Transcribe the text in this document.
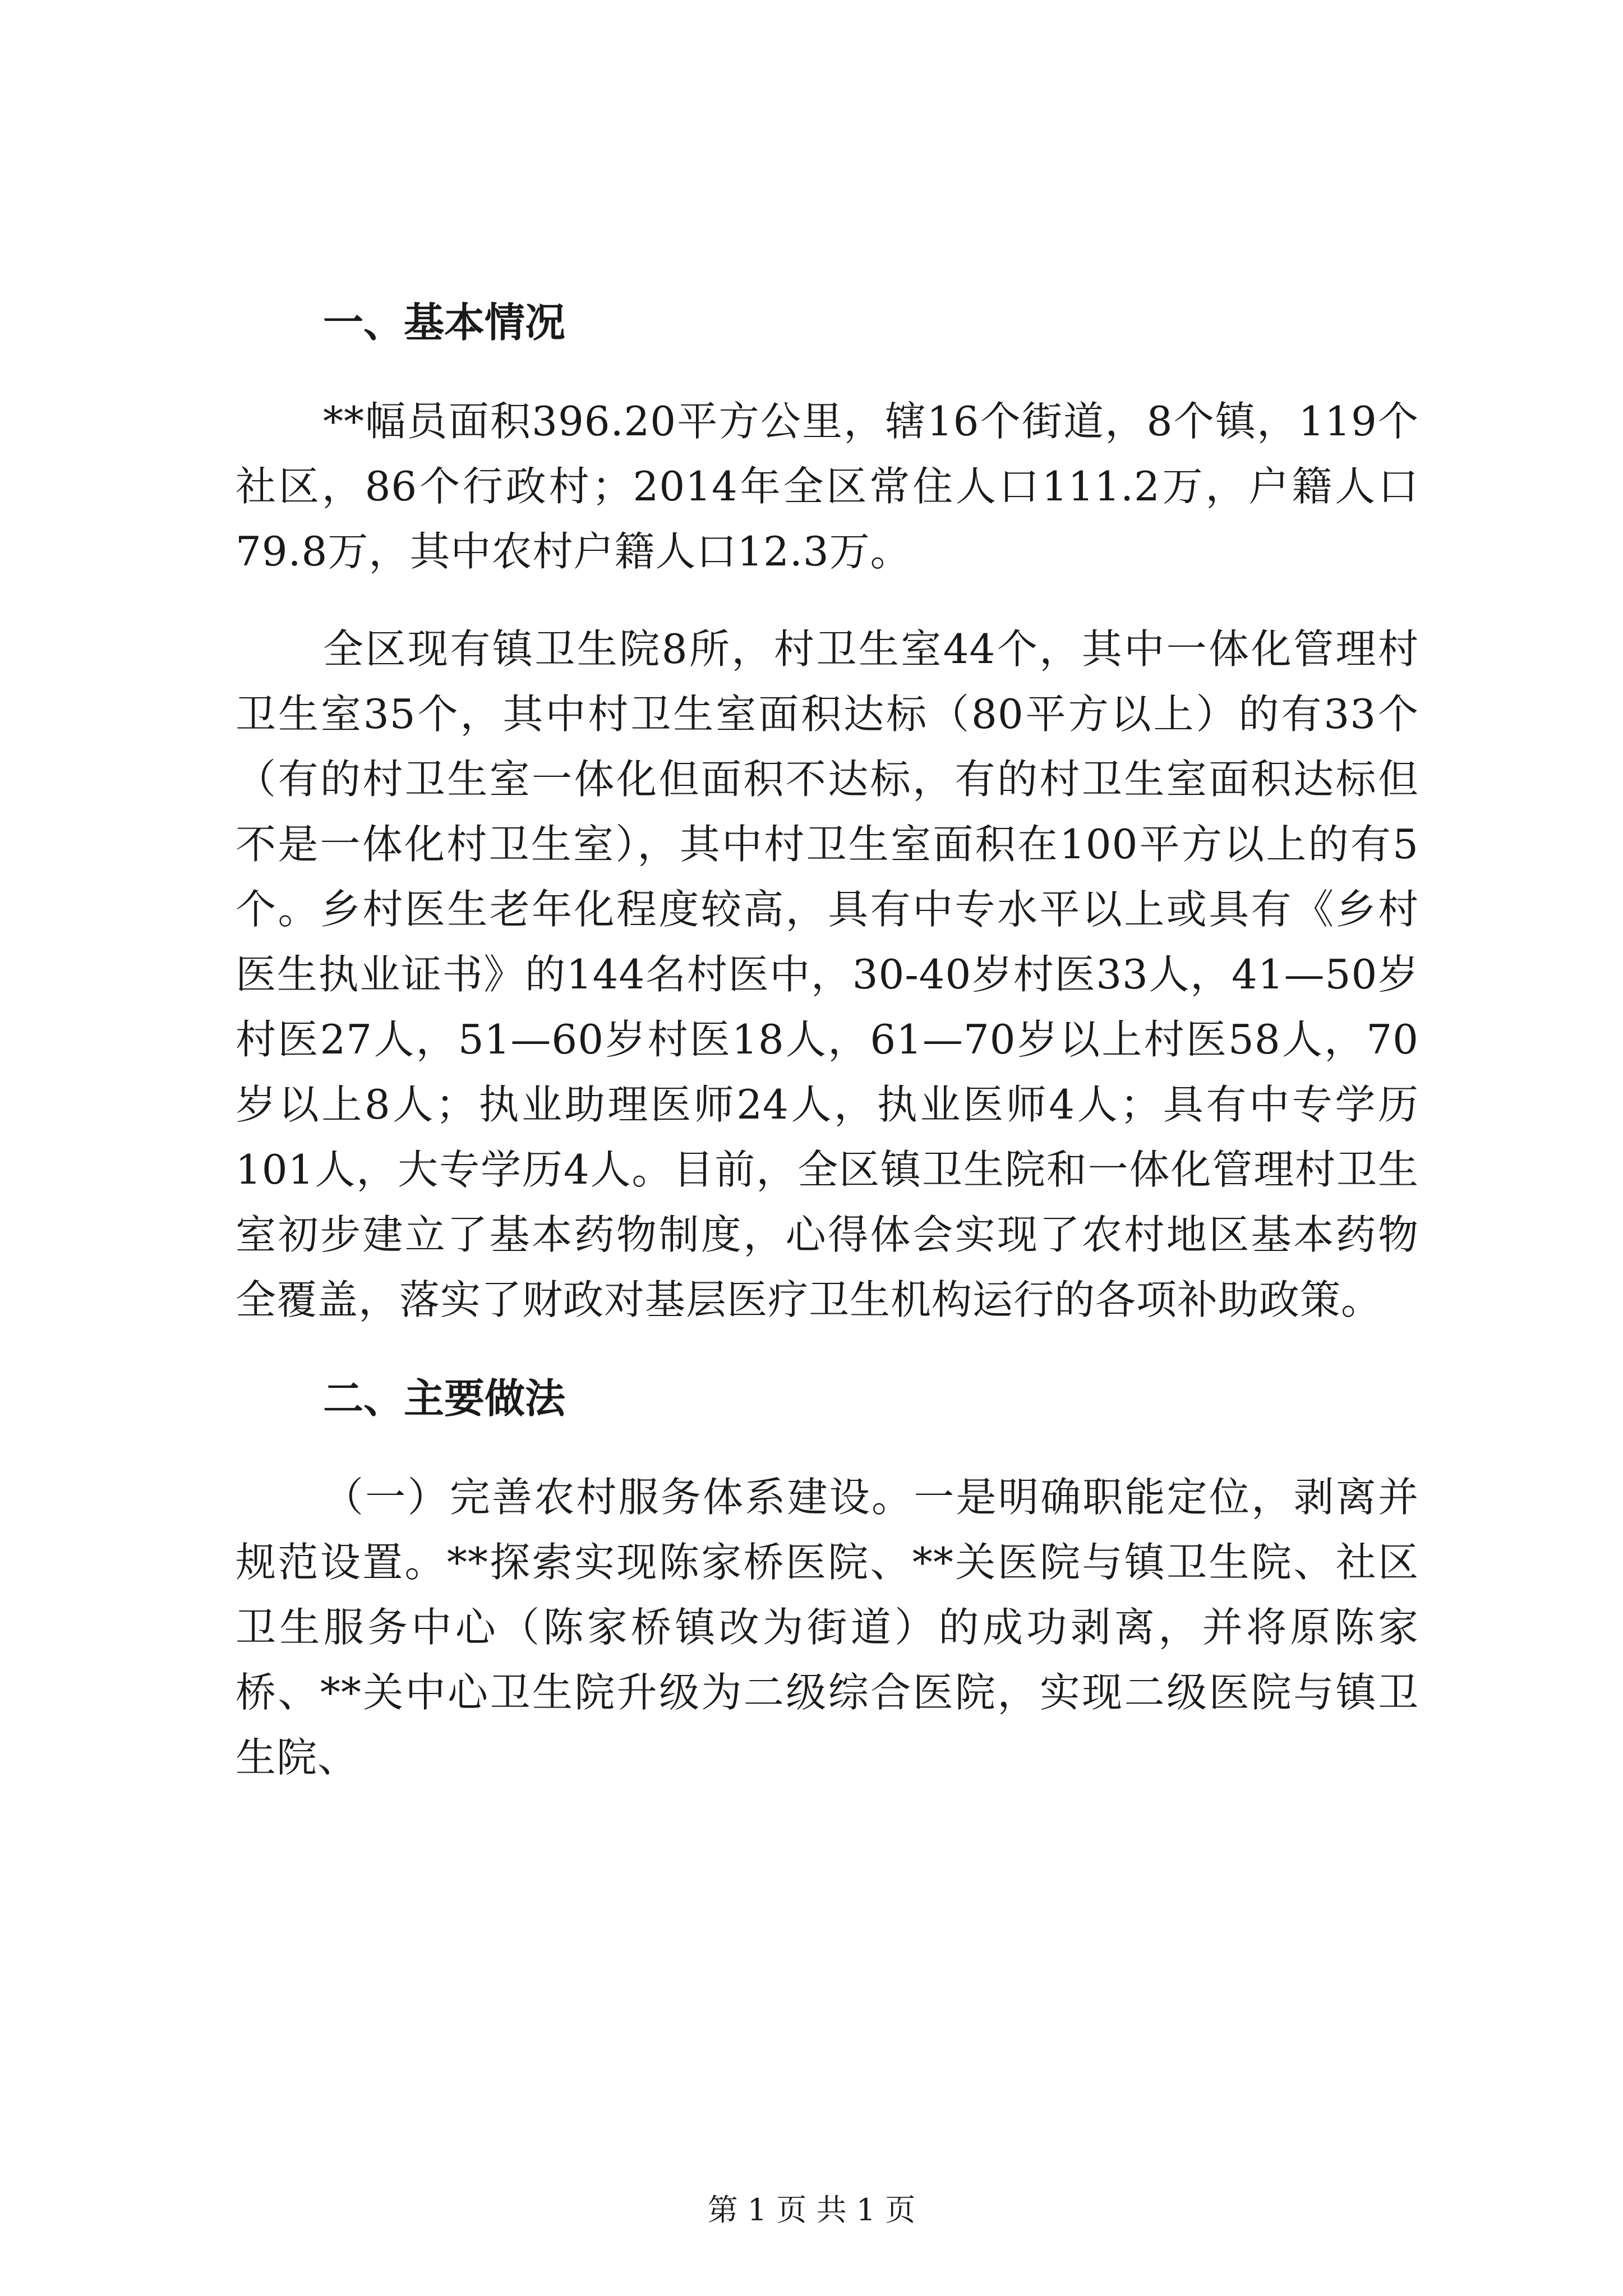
一、基本情况

**幅员面积396.20平方公里，辖16个街道，8个镇，119个社区，86个行政村；2014年全区常住人口111.2万，户籍人口79.8万，其中农村户籍人口12.3万。

全区现有镇卫生院8所，村卫生室44个，其中一体化管理村卫生室35个，其中村卫生室面积达标（80平方以上）的有33个（有的村卫生室一体化但面积不达标，有的村卫生室面积达标但不是一体化村卫生室），其中村卫生室面积在100平方以上的有5个。乡村医生老年化程度较高，具有中专水平以上或具有《乡村医生执业证书》的144名村医中，30-40岁村医33人，41—50岁村医27人，51—60岁村医18人，61—70岁以上村医58人，70岁以上8人；执业助理医师24人，执业医师4人；具有中专学历101人，大专学历4人。目前，全区镇卫生院和一体化管理村卫生室初步建立了基本药物制度，心得体会实现了农村地区基本药物全覆盖，落实了财政对基层医疗卫生机构运行的各项补助政策。

二、主要做法

（一）完善农村服务体系建设。一是明确职能定位，剥离并规范设置。**探索实现陈家桥医院、**关医院与镇卫生院、社区卫生服务中心（陈家桥镇改为街道）的成功剥离，并将原陈家桥、**关中心卫生院升级为二级综合医院，实现二级医院与镇卫生院、

第 1 页 共 1 页
